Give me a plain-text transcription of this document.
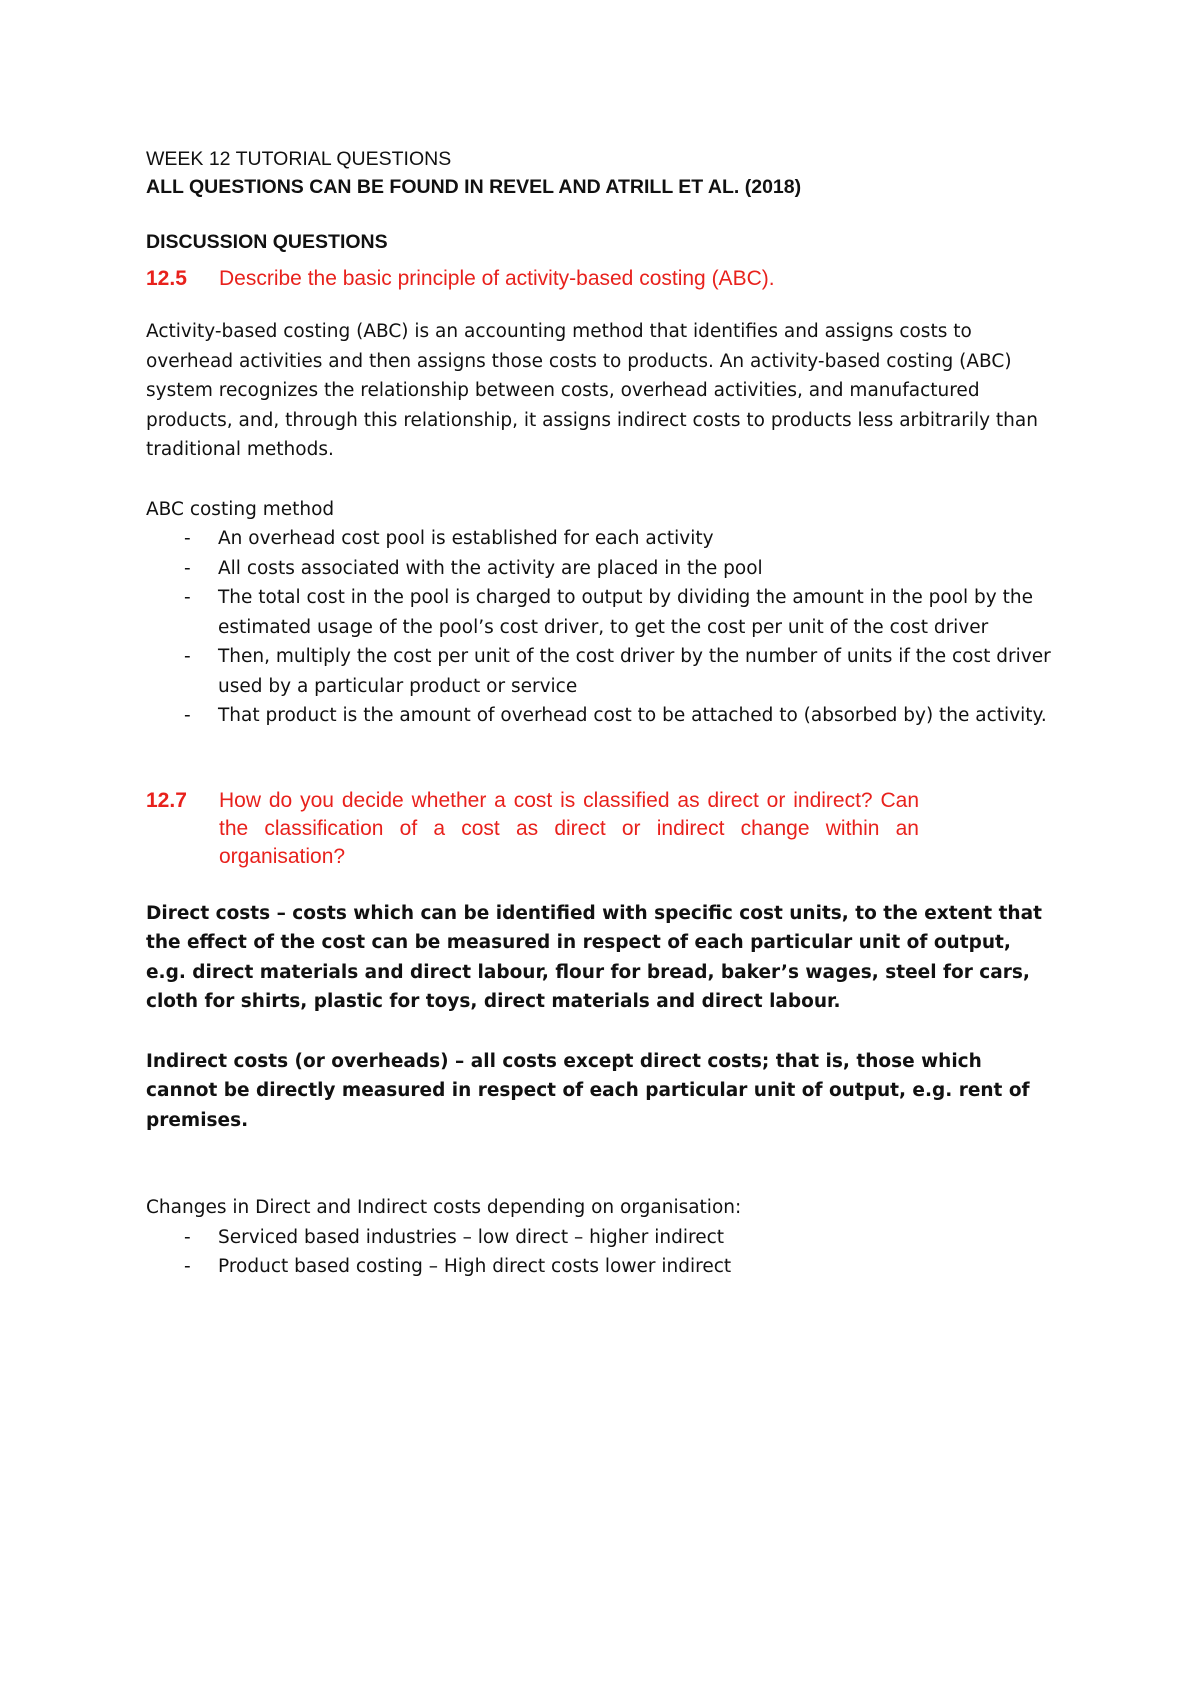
WEEK 12 TUTORIAL QUESTIONS

ALL QUESTIONS CAN BE FOUND IN REVEL AND ATRILL ET AL. (2018)

DISCUSSION QUESTIONS

12.5	Describe the basic principle of activity-based costing (ABC).

Activity-based costing (ABC) is an accounting method that identifies and assigns costs to overhead activities and then assigns those costs to products. An activity-based costing (ABC) system recognizes the relationship between costs, overhead activities, and manufactured products, and, through this relationship, it assigns indirect costs to products less arbitrarily than traditional methods.

ABC costing method

-	An overhead cost pool is established for each activity
-	All costs associated with the activity are placed in the pool
-	The total cost in the pool is charged to output by dividing the amount in the pool by the estimated usage of the pool’s cost driver, to get the cost per unit of the cost driver
-	Then, multiply the cost per unit of the cost driver by the number of units if the cost driver used by a particular product or service
-	That product is the amount of overhead cost to be attached to (absorbed by) the activity.
12.7	How do you decide whether a cost is classified as direct or indirect? Can the classification of a cost as direct or indirect change within an organisation?

Direct costs – costs which can be identified with specific cost units, to the extent that the effect of the cost can be measured in respect of each particular unit of output, e.g. direct materials and direct labour, flour for bread, baker’s wages, steel for cars, cloth for shirts, plastic for toys, direct materials and direct labour.

Indirect costs (or overheads) – all costs except direct costs; that is, those which cannot be directly measured in respect of each particular unit of output, e.g. rent of premises.

Changes in Direct and Indirect costs depending on organisation:

-	Serviced based industries – low direct – higher indirect
-	Product based costing – High direct costs lower indirect
